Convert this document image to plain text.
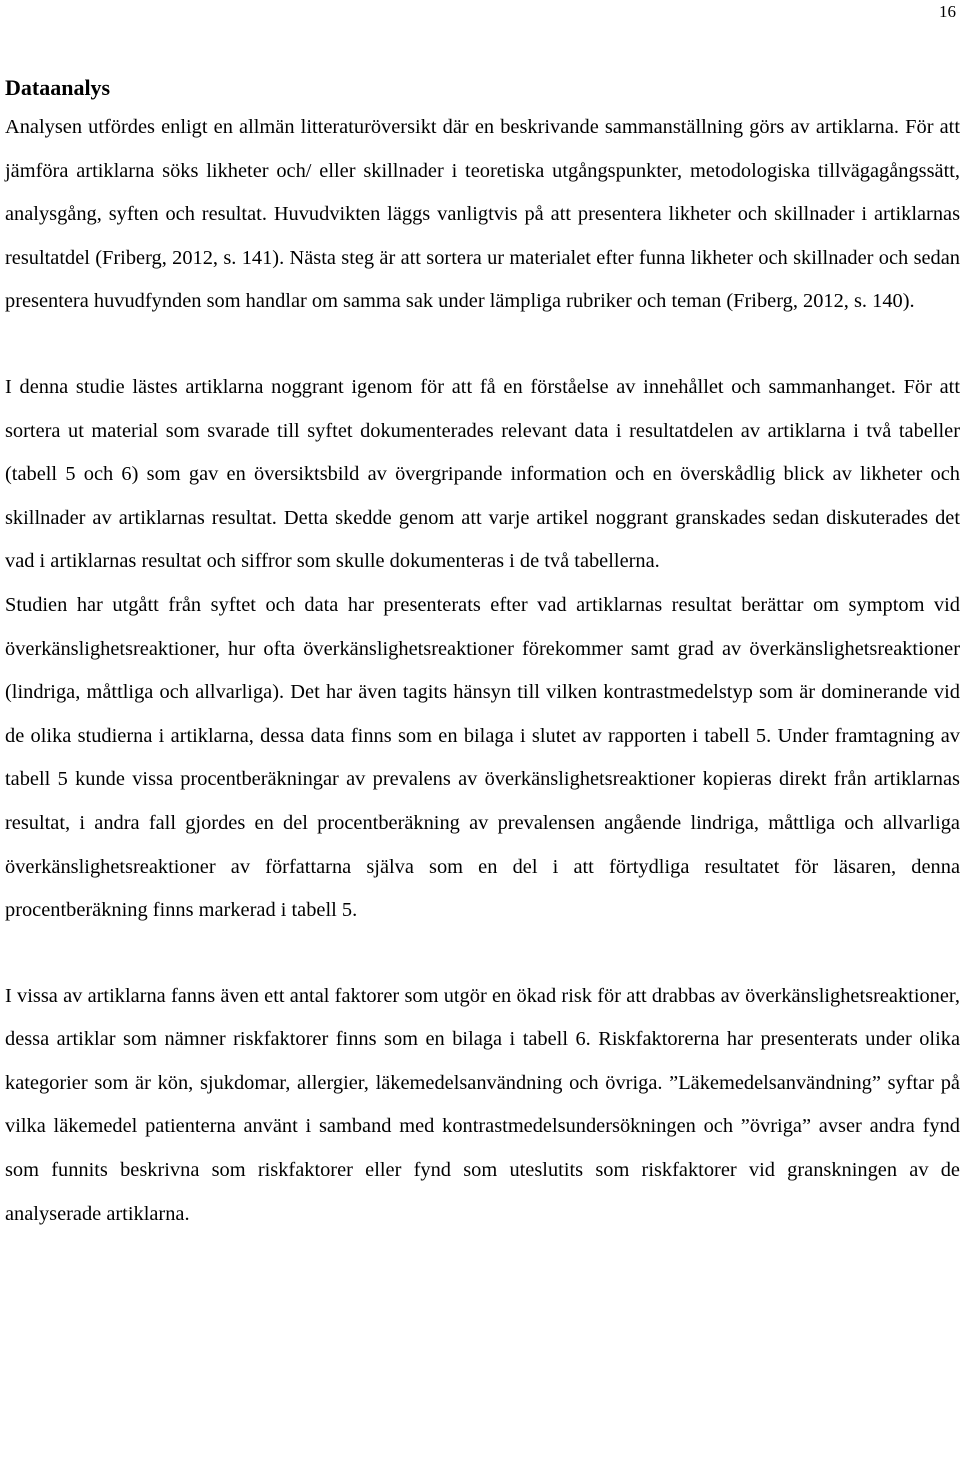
16
Dataanalys

Analysen utfördes enligt en allmän litteraturöversikt där en beskrivande sammanställning görs av artiklarna. För att jämföra artiklarna söks likheter och/ eller skillnader i teoretiska utgångspunkter, metodologiska tillvägagångssätt, analysgång, syften och resultat. Huvudvikten läggs vanligtvis på att presentera likheter och skillnader i artiklarnas resultatdel (Friberg, 2012, s. 141). Nästa steg är att sortera ur materialet efter funna likheter och skillnader och sedan presentera huvudfynden som handlar om samma sak under lämpliga rubriker och teman (Friberg, 2012, s. 140).

I denna studie lästes artiklarna noggrant igenom för att få en förståelse av innehållet och sammanhanget. För att sortera ut material som svarade till syftet dokumenterades relevant data i resultatdelen av artiklarna i två tabeller (tabell 5 och 6) som gav en översiktsbild av övergripande information och en överskådlig blick av likheter och skillnader av artiklarnas resultat. Detta skedde genom att varje artikel noggrant granskades sedan diskuterades det vad i artiklarnas resultat och siffror som skulle dokumenteras i de två tabellerna.

Studien har utgått från syftet och data har presenterats efter vad artiklarnas resultat berättar om symptom vid överkänslighetsreaktioner, hur ofta överkänslighetsreaktioner förekommer samt grad av överkänslighetsreaktioner (lindriga, måttliga och allvarliga). Det har även tagits hänsyn till vilken kontrastmedelstyp som är dominerande vid de olika studierna i artiklarna, dessa data finns som en bilaga i slutet av rapporten i tabell 5. Under framtagning av tabell 5 kunde vissa procentberäkningar av prevalens av överkänslighetsreaktioner kopieras direkt från artiklarnas resultat, i andra fall gjordes en del procentberäkning av prevalensen angående lindriga, måttliga och allvarliga överkänslighetsreaktioner av författarna själva som en del i att förtydliga resultatet för läsaren, denna procentberäkning finns markerad i tabell 5.

I vissa av artiklarna fanns även ett antal faktorer som utgör en ökad risk för att drabbas av överkänslighetsreaktioner, dessa artiklar som nämner riskfaktorer finns som en bilaga i tabell 6. Riskfaktorerna har presenterats under olika kategorier som är kön, sjukdomar, allergier, läkemedelsanvändning och övriga. ”Läkemedelsanvändning” syftar på vilka läkemedel patienterna använt i samband med kontrastmedelsundersökningen och ”övriga” avser andra fynd som funnits beskrivna som riskfaktorer eller fynd som uteslutits som riskfaktorer vid granskningen av de analyserade artiklarna.
